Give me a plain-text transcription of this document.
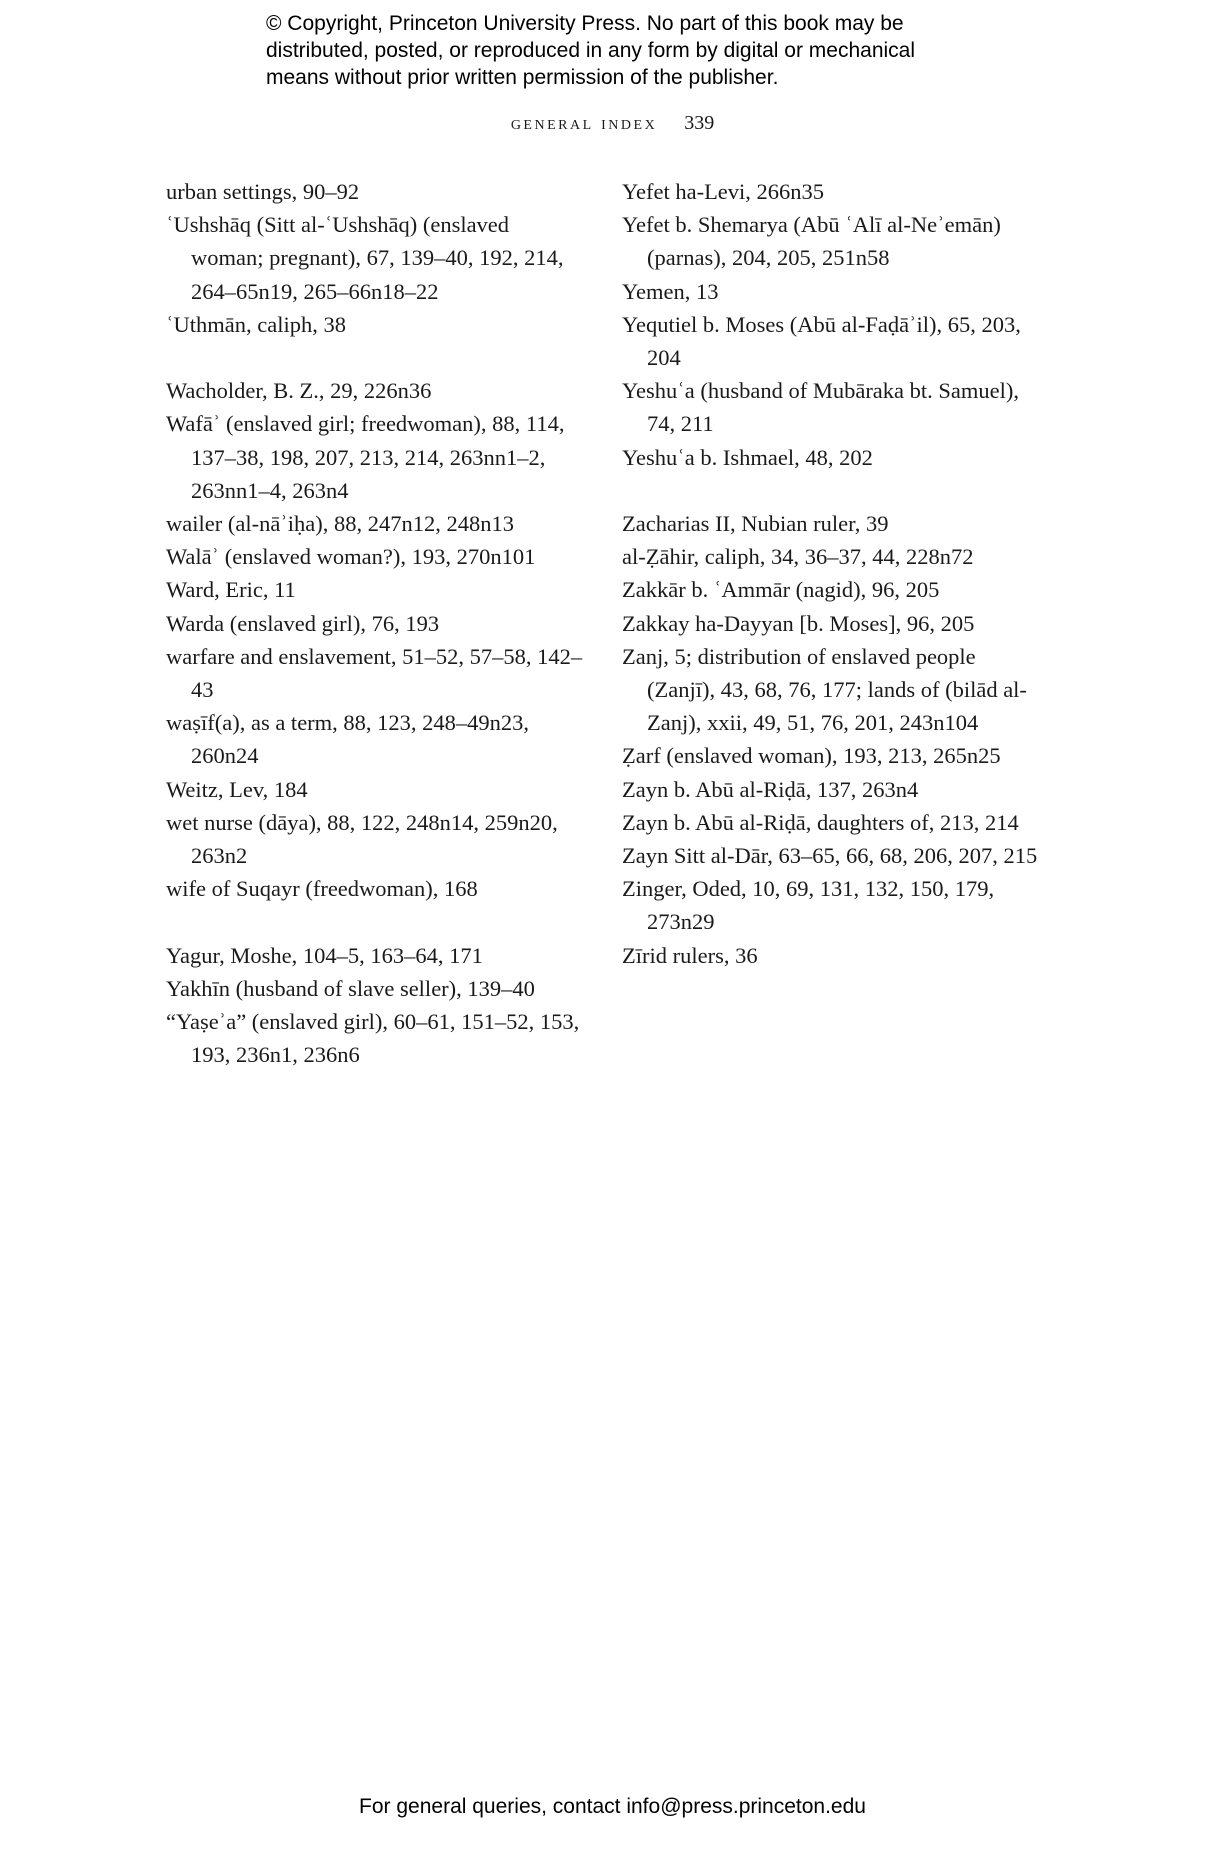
© Copyright, Princeton University Press. No part of this book may be
distributed, posted, or reproduced in any form by digital or mechanical
means without prior written permission of the publisher.
general index 339

urban settings, 90–92

ʿUshshāq (Sitt al-ʿUshshāq) (enslaved woman; pregnant), 67, 139–40, 192, 214, 264–65n19, 265–66n18–22

ʿUthmān, caliph, 38

Wacholder, B. Z., 29, 226n36

Wafāʾ (enslaved girl; freedwoman), 88, 114, 137–38, 198, 207, 213, 214, 263nn1–2, 263nn1–4, 263n4

wailer (al-nāʾiḥa), 88, 247n12, 248n13

Walāʾ (enslaved woman?), 193, 270n101

Ward, Eric, 11

Warda (enslaved girl), 76, 193

warfare and enslavement, 51–52, 57–58, 142–43

waṣīf(a), as a term, 88, 123, 248–49n23, 260n24

Weitz, Lev, 184

wet nurse (dāya), 88, 122, 248n14, 259n20, 263n2

wife of Suqayr (freedwoman), 168

Yagur, Moshe, 104–5, 163–64, 171

Yakhīn (husband of slave seller), 139–40

“Yaṣeʾa” (enslaved girl), 60–61, 151–52, 153, 193, 236n1, 236n6

Yefet ha-Levi, 266n35

Yefet b. Shemarya (Abū ʿAlī al-Neʾemān) (parnas), 204, 205, 251n58

Yemen, 13

Yequtiel b. Moses (Abū al-Faḍāʾil), 65, 203, 204

Yeshuʿa (husband of Mubāraka bt. Samuel), 74, 211

Yeshuʿa b. Ishmael, 48, 202

Zacharias II, Nubian ruler, 39

al-Ẓāhir, caliph, 34, 36–37, 44, 228n72

Zakkār b. ʿAmmār (nagid), 96, 205

Zakkay ha-Dayyan [b. Moses], 96, 205

Zanj, 5; distribution of enslaved people (Zanjī), 43, 68, 76, 177; lands of (bilād al-Zanj), xxii, 49, 51, 76, 201, 243n104

Ẓarf (enslaved woman), 193, 213, 265n25

Zayn b. Abū al-Riḍā, 137, 263n4

Zayn b. Abū al-Riḍā, daughters of, 213, 214

Zayn Sitt al-Dār, 63–65, 66, 68, 206, 207, 215

Zinger, Oded, 10, 69, 131, 132, 150, 179, 273n29

Zīrid rulers, 36

For general queries, contact info@press.princeton.edu
